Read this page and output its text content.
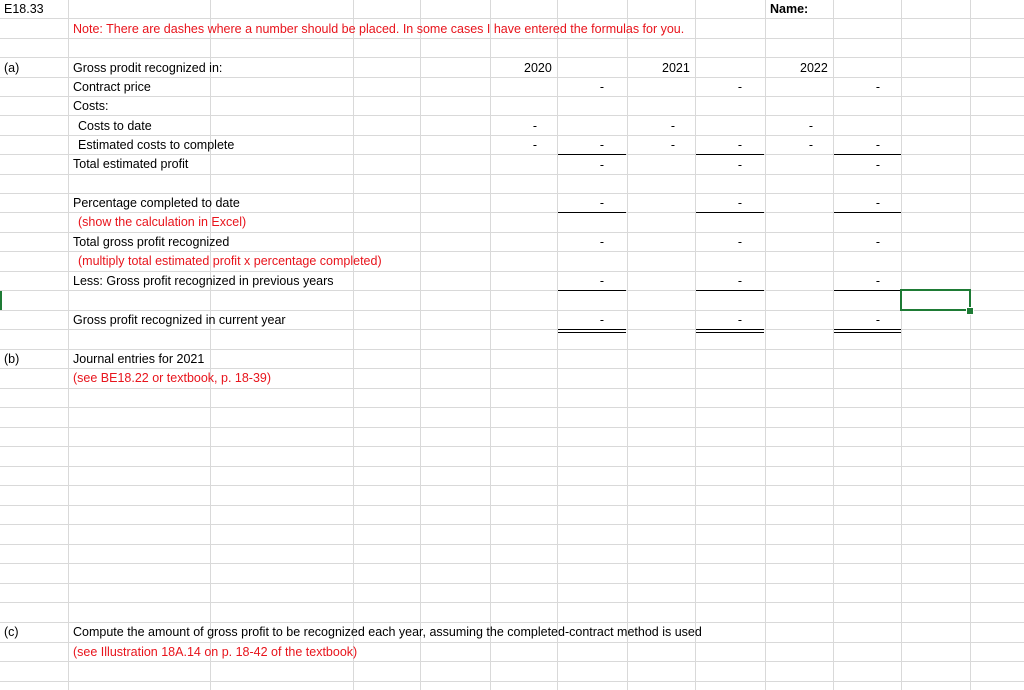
E18.33	Name:
Note: There are dashes where a number should be placed. In some cases I have entered the formulas for you.
(a)	Gross prodit recognized in:	2020	2021	2022
Contract price	-	-	-
Costs:
Costs to date	-	-	-
Estimated costs to complete	-	-	-	-	-	-
Total estimated profit	-	-	-
Percentage completed to date	-	-	-
(show the calculation in Excel)
Total gross profit recognized	-	-	-
(multiply total estimated profit x percentage completed)
Less: Gross profit recognized in previous years	-	-	-
Gross profit recognized in current year	-	-	-
(b)	Journal entries for 2021
(see BE18.22 or textbook, p. 18-39)
(c)	Compute the amount of gross profit to be recognized each year, assuming the completed-contract method is used
(see Illustration 18A.14 on p. 18-42 of the textbook)
